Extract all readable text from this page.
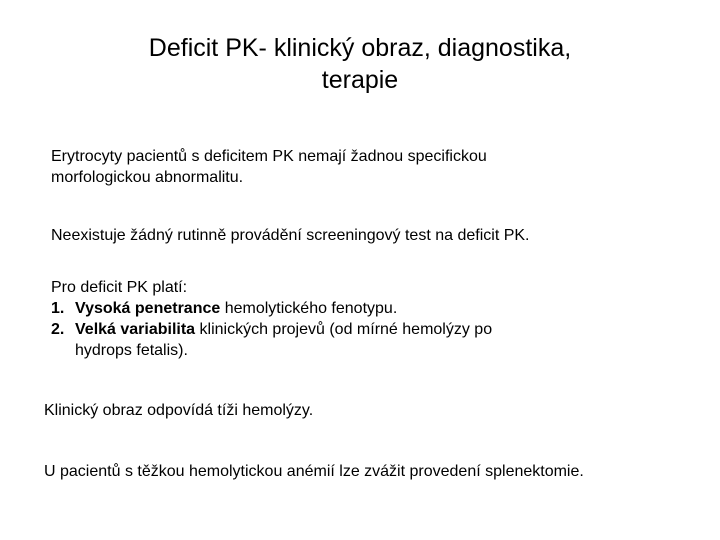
Deficit PK- klinický obraz, diagnostika,
terapie
Erytrocyty pacientů s deficitem PK nemají žadnou specifickou
morfologickou abnormalitu.
Neexistuje žádný rutinně provádění screeningový test na deficit PK.
Pro deficit PK platí:
1. Vysoká penetrance hemolytického fenotypu.
2. Velká variabilita klinických projevů (od mírné hemolýzy po
hydrops fetalis).
Klinický obraz odpovídá tíži hemolýzy.
U pacientů s těžkou hemolytickou anémií lze zvážit provedení splenektomie.
